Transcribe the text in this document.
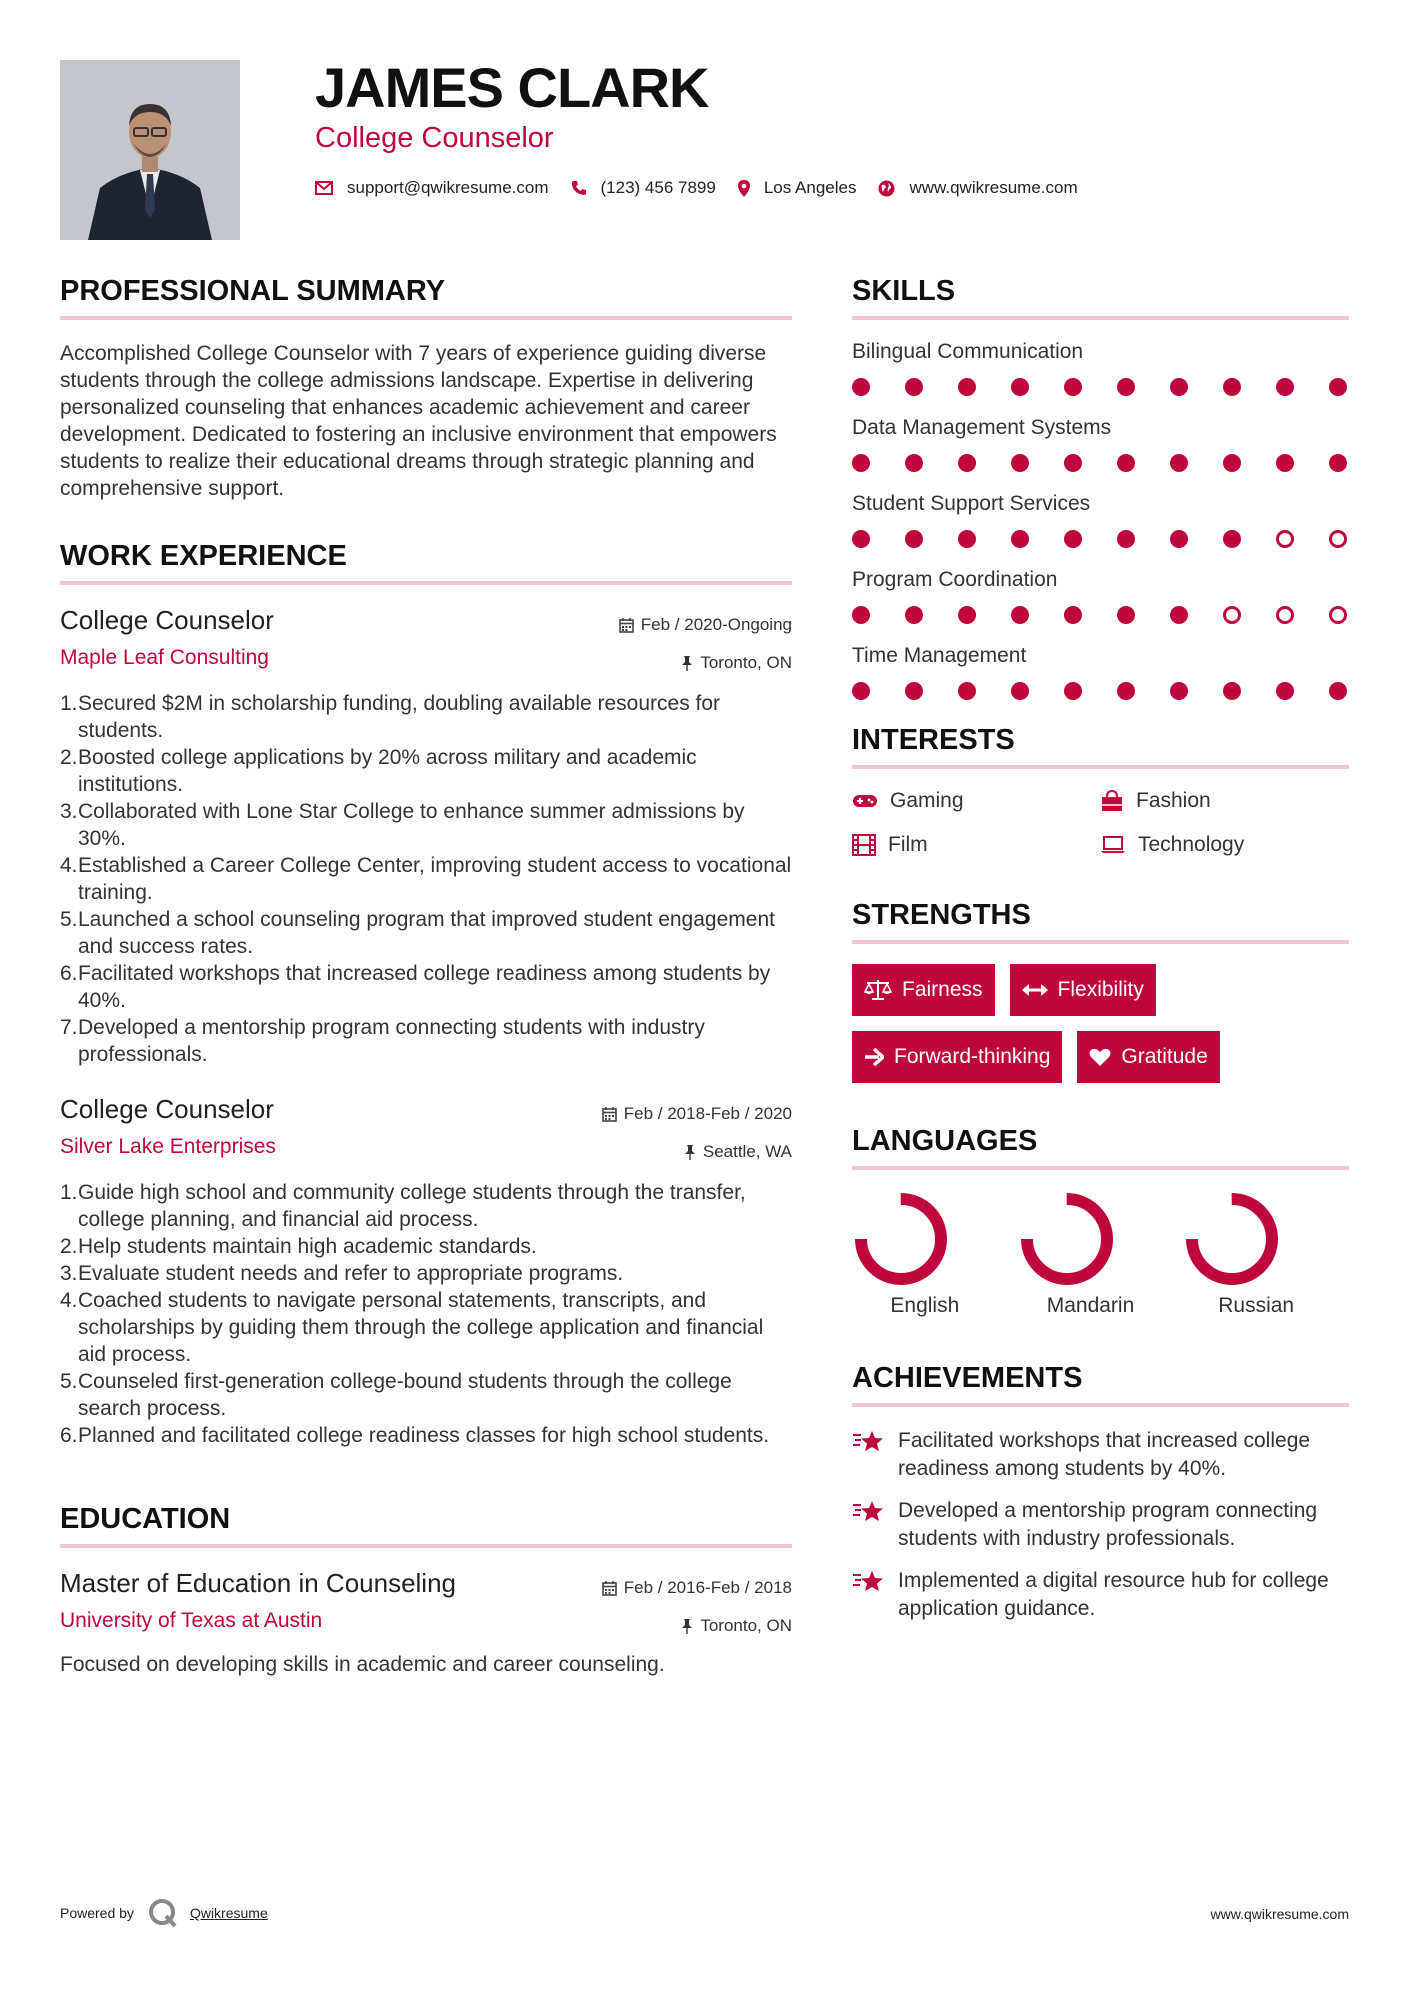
JAMES CLARK
College Counselor
support@qwikresume.com	(123) 456 7899	Los Angeles	www.qwikresume.com
PROFESSIONAL SUMMARY

Accomplished College Counselor with 7 years of experience guiding diverse students through the college admissions landscape. Expertise in delivering personalized counseling that enhances academic achievement and career development. Dedicated to fostering an inclusive environment that empowers students to realize their educational dreams through strategic planning and comprehensive support.

WORK EXPERIENCE
College Counselor
Maple Leaf Consulting
Feb / 2020-Ongoing
Toronto, ON
1. Secured $2M in scholarship funding, doubling available resources for students.
2. Boosted college applications by 20% across military and academic institutions.
3. Collaborated with Lone Star College to enhance summer admissions by 30%.
4. Established a Career College Center, improving student access to vocational training.
5. Launched a school counseling program that improved student engagement and success rates.
6. Facilitated workshops that increased college readiness among students by 40%.
7. Developed a mentorship program connecting students with industry professionals.
College Counselor
Silver Lake Enterprises
Feb / 2018-Feb / 2020
Seattle, WA
1. Guide high school and community college students through the transfer, college planning, and financial aid process.
2. Help students maintain high academic standards.
3. Evaluate student needs and refer to appropriate programs.
4. Coached students to navigate personal statements, transcripts, and scholarships by guiding them through the college application and financial aid process.
5. Counseled first-generation college-bound students through the college search process.
6. Planned and facilitated college readiness classes for high school students.
EDUCATION
Master of Education in Counseling
University of Texas at Austin
Feb / 2016-Feb / 2018
Toronto, ON

Focused on developing skills in academic and career counseling.

SKILLS
Bilingual Communication
Data Management Systems
Student Support Services
Program Coordination
Time Management
INTERESTS
Gaming	Fashion
Film	Technology
STRENGTHS
Fairness	Flexibility
Forward-thinking	Gratitude
LANGUAGES
English	Mandarin	Russian
ACHIEVEMENTS
Facilitated workshops that increased college readiness among students by 40%.
Developed a mentorship program connecting students with industry professionals.
Implemented a digital resource hub for college application guidance.
Powered by	Qwikresume	www.qwikresume.com
